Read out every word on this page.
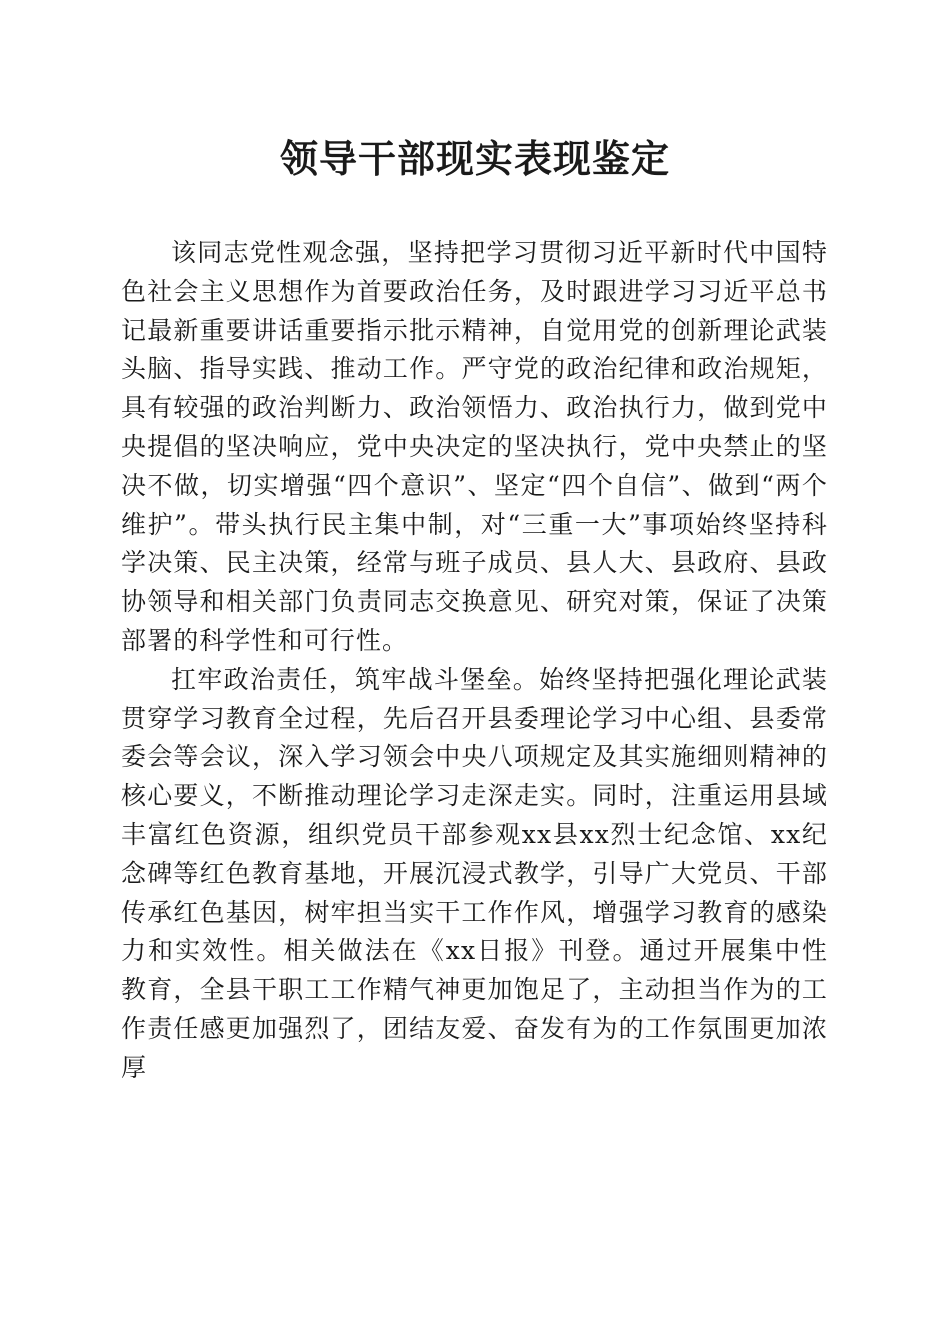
领导干部现实表现鉴定

该同志党性观念强，坚持把学习贯彻习近平新时代中国特色社会主义思想作为首要政治任务，及时跟进学习习近平总书记最新重要讲话重要指示批示精神，自觉用党的创新理论武装头脑、指导实践、推动工作。严守党的政治纪律和政治规矩，具有较强的政治判断力、政治领悟力、政治执行力，做到党中央提倡的坚决响应，党中央决定的坚决执行，党中央禁止的坚决不做，切实增强“四个意识”、坚定“四个自信”、做到“两个维护”。带头执行民主集中制，对“三重一大”事项始终坚持科学决策、民主决策，经常与班子成员、县人大、县政府、县政协领导和相关部门负责同志交换意见、研究对策，保证了决策部署的科学性和可行性。

扛牢政治责任，筑牢战斗堡垒。始终坚持把强化理论武装贯穿学习教育全过程，先后召开县委理论学习中心组、县委常委会等会议，深入学习领会中央八项规定及其实施细则精神的核心要义，不断推动理论学习走深走实。同时，注重运用县域丰富红色资源，组织党员干部参观xx县xx烈士纪念馆、xx纪念碑等红色教育基地，开展沉浸式教学，引导广大党员、干部传承红色基因，树牢担当实干工作作风，增强学习教育的感染力和实效性。相关做法在《xx日报》刊登。通过开展集中性教育，全县干职工工作精气神更加饱足了，主动担当作为的工作责任感更加强烈了，团结友爱、奋发有为的工作氛围更加浓厚
